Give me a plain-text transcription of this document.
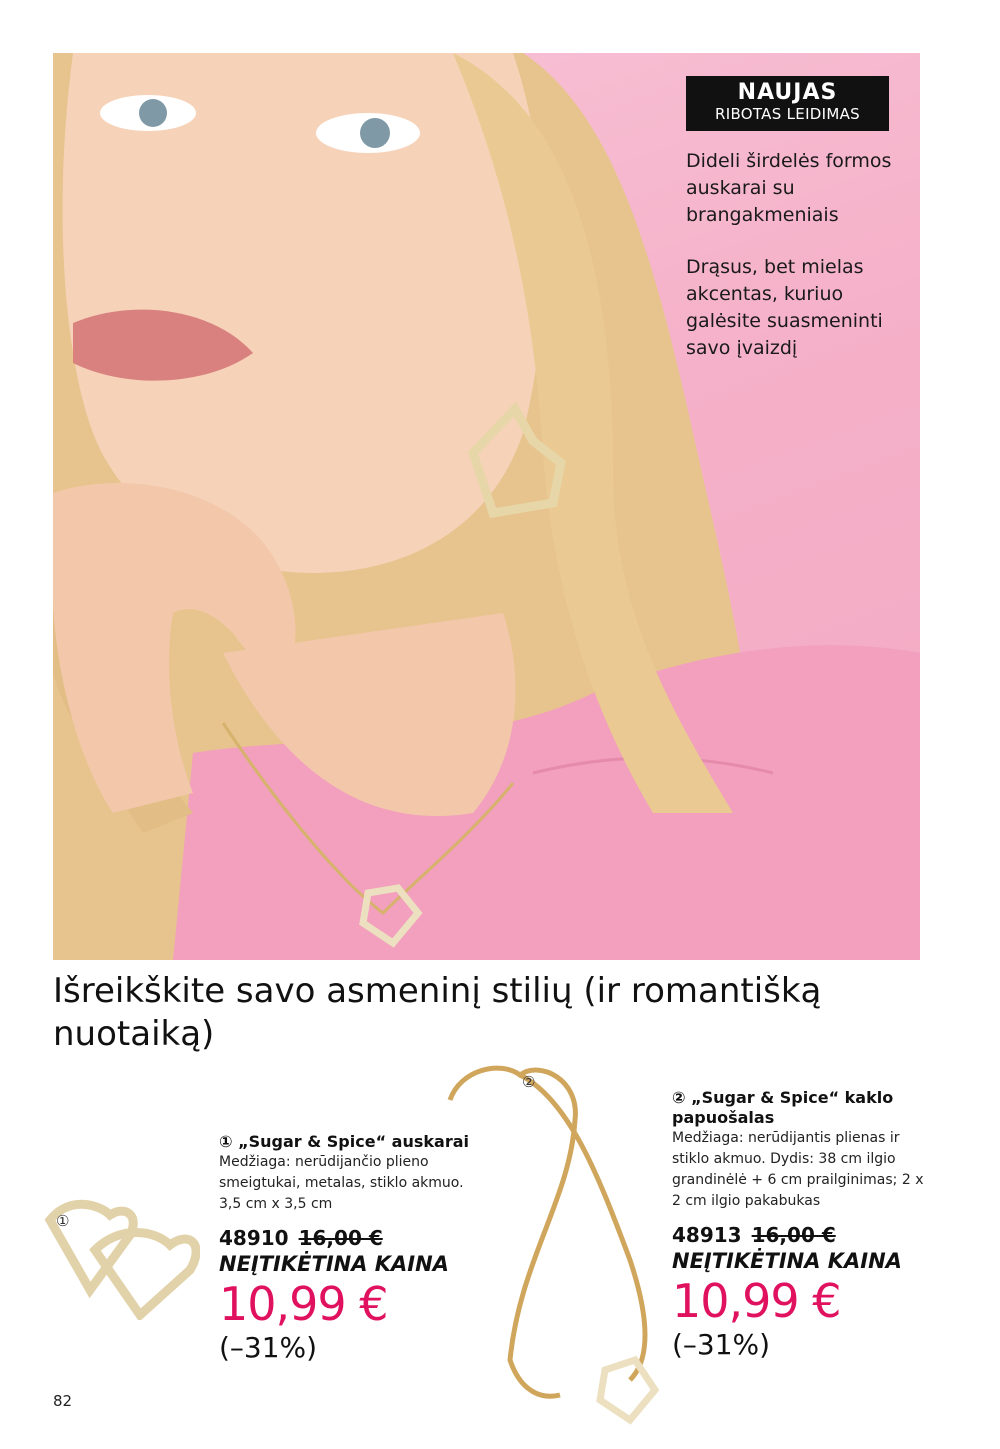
NAUJAS
RIBOTAS LEIDIMAS
Dideli širdelės formos auskarai su brangakmeniais
Drąsus, bet mielas akcentas, kuriuo galėsite suasmeninti savo įvaizdį
Išreikškite savo asmeninį stilių (ir romantišką nuotaiką)
①
②
① „Sugar & Spice“ auskarai
Medžiaga: nerūdijančio plieno smeigtukai, metalas, stiklo akmuo. 3,5 cm x 3,5 cm
48910 16,00 €
NEĮTIKĖTINA KAINA
10,99 €
(–31%)
② „Sugar & Spice“ kaklo papuošalas
Medžiaga: nerūdijantis plienas ir stiklo akmuo. Dydis: 38 cm ilgio grandinėlė + 6 cm prailginimas; 2 x 2 cm ilgio pakabukas
48913 16,00 €
NEĮTIKĖTINA KAINA
10,99 €
(–31%)
82
